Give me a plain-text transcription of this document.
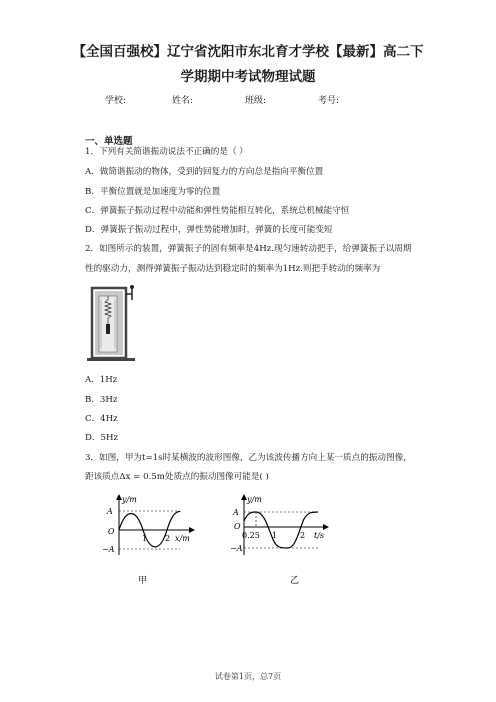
【全国百强校】辽宁省沈阳市东北育才学校【最新】高二下
学期期中考试物理试题
学校:	姓名:	班级:	考号:
一、单选题
1．下列有关简谐振动说法不正确的是（ ）
A．做简谐振动的物体，受到的回复力的方向总是指向平衡位置
B．平衡位置就是加速度为零的位置
C．弹簧振子振动过程中动能和弹性势能相互转化，系统总机械能守恒
D．弹簧振子振动过程中，弹性势能增加时，弹簧的长度可能变短
2．如图所示的装置，弹簧振子的固有频率是4Hz.现匀速转动把手，给弹簧振子以周期
性的驱动力，测得弹簧振子振动达到稳定时的频率为1Hz.则把手转动的频率为
A．1Hz
B．3Hz
C．4Hz
D．5Hz
3．如图，甲为t=1s时某横波的波形图像，乙为该波传播方向上某一质点的振动图像，
距该质点Δx = 0.5m处质点的振动图像可能是( )
y/m
A
O
−A
1 2 x/m
甲
y/m
A
O
−A
0.25 1	2 t/s
乙
试卷第1页，总7页
